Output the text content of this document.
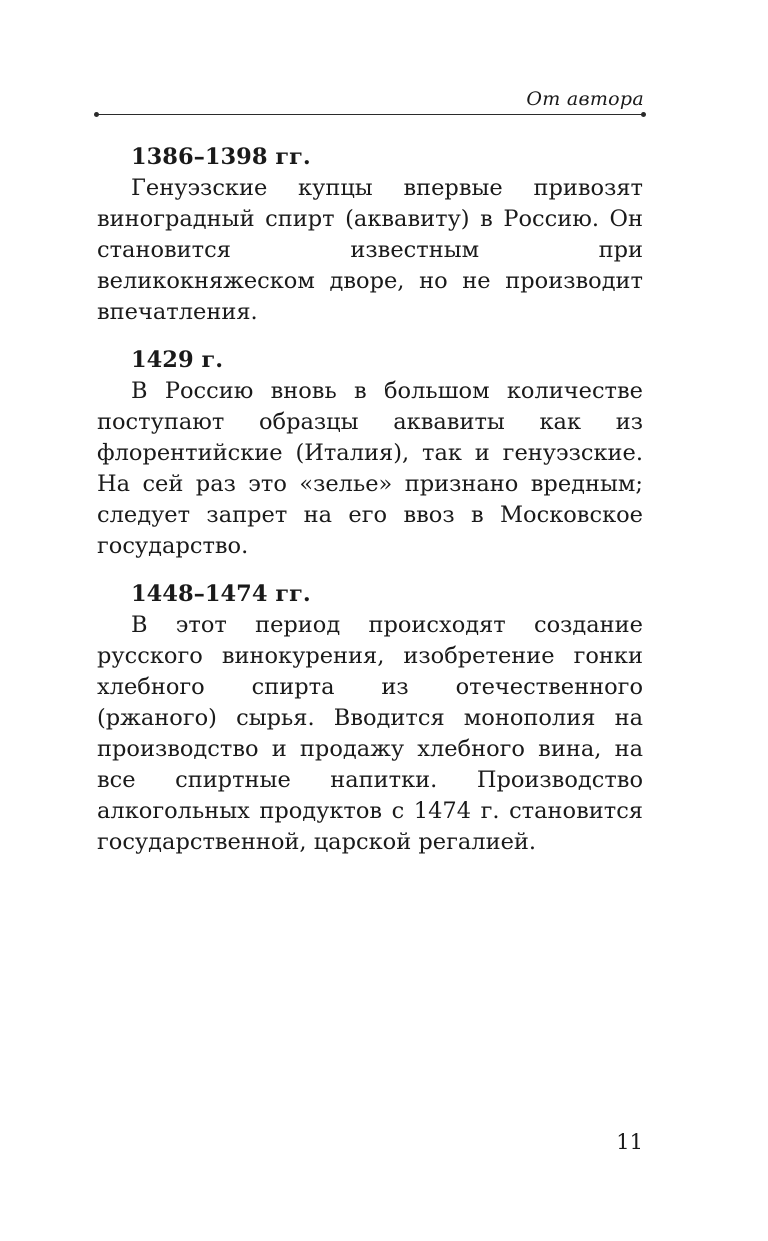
От автора
1386–1398 гг.
Генуэзские купцы впервые привозят виноградный спирт (аквавиту) в Россию. Он становится известным при великокняжеском дворе, но не производит впечатления.
1429 г.
В Россию вновь в большом количестве поступают образцы аквавиты как из флорентийские (Италия), так и генуэзские. На сей раз это «зелье» признано вредным; следует запрет на его ввоз в Московское государство.
1448–1474 гг.
В этот период происходят создание русского винокурения, изобретение гонки хлебного спирта из отечественного (ржаного) сырья. Вводится монополия на производство и продажу хлебного вина, на все спиртные напитки. Производство алкогольных продуктов с 1474 г. становится государственной, царской регалией.
11
